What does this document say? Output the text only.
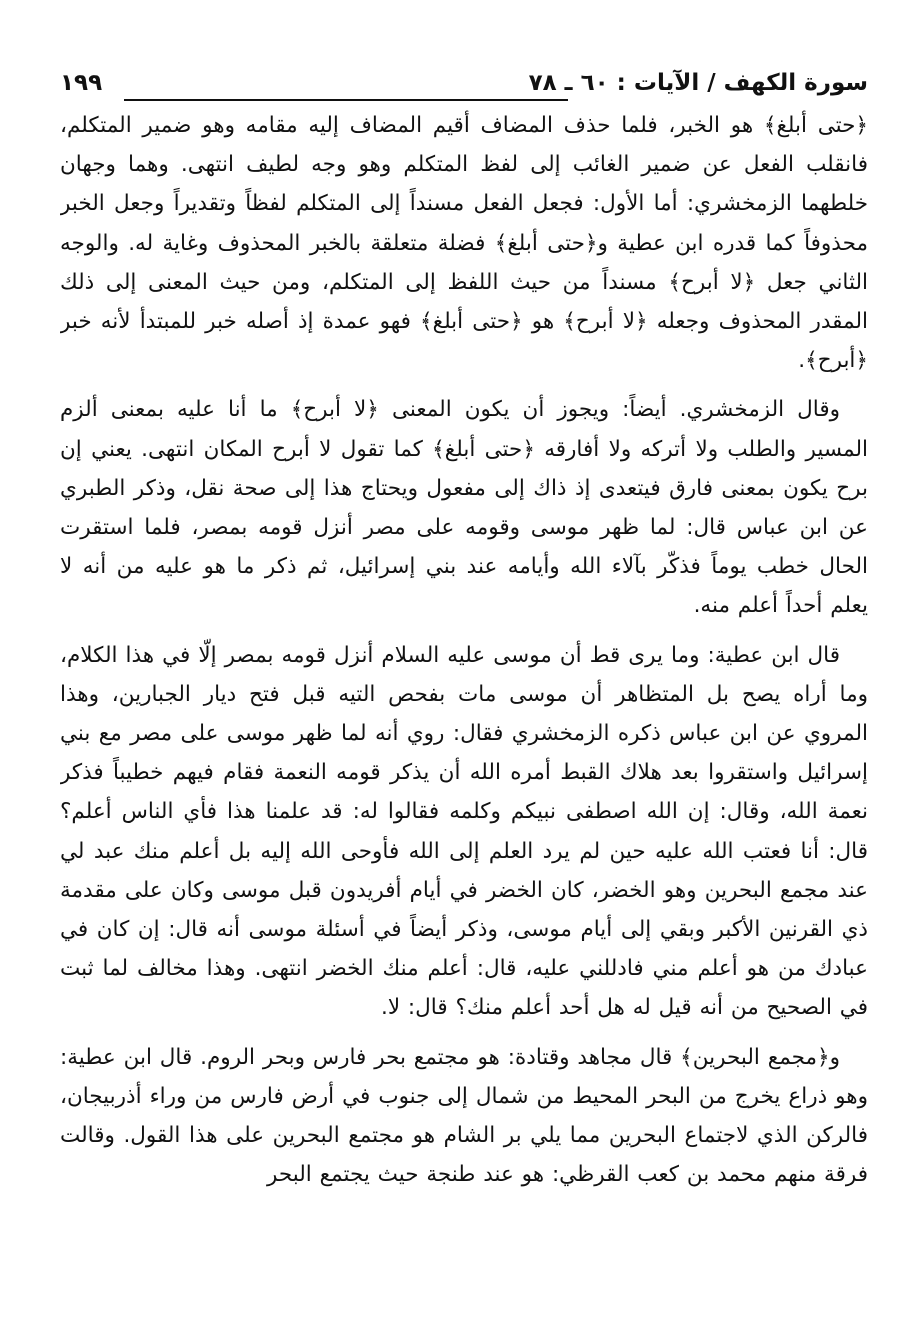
سورة الكهف / الآيات : ٦٠ ـ ٧٨
١٩٩

﴿حتى أبلغ﴾ هو الخبر، فلما حذف المضاف أقيم المضاف إليه مقامه وهو ضمير المتكلم، فانقلب الفعل عن ضمير الغائب إلى لفظ المتكلم وهو وجه لطيف انتهى. وهما وجهان خلطهما الزمخشري: أما الأول: فجعل الفعل مسنداً إلى المتكلم لفظاً وتقديراً وجعل الخبر محذوفاً كما قدره ابن عطية و﴿حتى أبلغ﴾ فضلة متعلقة بالخبر المحذوف وغاية له. والوجه الثاني جعل ﴿لا أبرح﴾ مسنداً من حيث اللفظ إلى المتكلم، ومن حيث المعنى إلى ذلك المقدر المحذوف وجعله ﴿لا أبرح﴾ هو ﴿حتى أبلغ﴾ فهو عمدة إذ أصله خبر للمبتدأ لأنه خبر ﴿أبرح﴾.

وقال الزمخشري. أيضاً: ويجوز أن يكون المعنى ﴿لا أبرح﴾ ما أنا عليه بمعنى ألزم المسير والطلب ولا أتركه ولا أفارقه ﴿حتى أبلغ﴾ كما تقول لا أبرح المكان انتهى. يعني إن برح يكون بمعنى فارق فيتعدى إذ ذاك إلى مفعول ويحتاج هذا إلى صحة نقل، وذكر الطبري عن ابن عباس قال: لما ظهر موسى وقومه على مصر أنزل قومه بمصر، فلما استقرت الحال خطب يوماً فذكّر بآلاء الله وأيامه عند بني إسرائيل، ثم ذكر ما هو عليه من أنه لا يعلم أحداً أعلم منه.

قال ابن عطية: وما يرى قط أن موسى عليه السلام أنزل قومه بمصر إلّا في هذا الكلام، وما أراه يصح بل المتظاهر أن موسى مات بفحص التيه قبل فتح ديار الجبارين، وهذا المروي عن ابن عباس ذكره الزمخشري فقال: روي أنه لما ظهر موسى على مصر مع بني إسرائيل واستقروا بعد هلاك القبط أمره الله أن يذكر قومه النعمة فقام فيهم خطيباً فذكر نعمة الله، وقال: إن الله اصطفى نبيكم وكلمه فقالوا له: قد علمنا هذا فأي الناس أعلم؟ قال: أنا فعتب الله عليه حين لم يرد العلم إلى الله فأوحى الله إليه بل أعلم منك عبد لي عند مجمع البحرين وهو الخضر، كان الخضر في أيام أفريدون قبل موسى وكان على مقدمة ذي القرنين الأكبر وبقي إلى أيام موسى، وذكر أيضاً في أسئلة موسى أنه قال: إن كان في عبادك من هو أعلم مني فادللني عليه، قال: أعلم منك الخضر انتهى. وهذا مخالف لما ثبت في الصحيح من أنه قيل له هل أحد أعلم منك؟ قال: لا.

و﴿مجمع البحرين﴾ قال مجاهد وقتادة: هو مجتمع بحر فارس وبحر الروم. قال ابن عطية: وهو ذراع يخرج من البحر المحيط من شمال إلى جنوب في أرض فارس من وراء أذربيجان، فالركن الذي لاجتماع البحرين مما يلي بر الشام هو مجتمع البحرين على هذا القول. وقالت فرقة منهم محمد بن كعب القرظي: هو عند طنجة حيث يجتمع البحر
